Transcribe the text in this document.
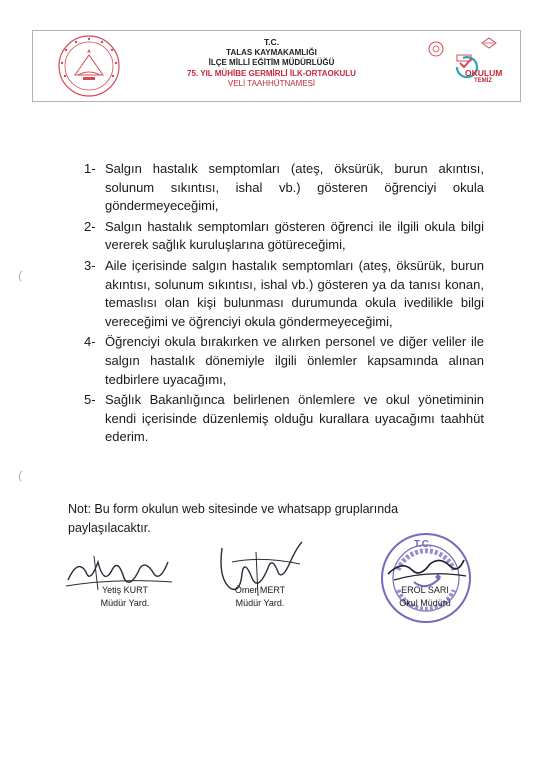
T.C.
TALAS KAYMAKAMLIĞI
İLÇE MİLLİ EĞİTİM MÜDÜRLÜĞÜ
75. YIL MÜHİBE GERMİRLİ İLK-ORTAOKULU
VELİ TAAHHÜTNAMESİ
OKULUM
TEMİZ
1- Salgın hastalık semptomları (ateş, öksürük, burun akıntısı, solunum sıkıntısı, ishal vb.) gösteren öğrenciyi okula göndermeyeceğimi,
2- Salgın hastalık semptomları gösteren öğrenci ile ilgili okula bilgi vererek sağlık kuruluşlarına götüreceğimi,
3- Aile içerisinde salgın hastalık semptomları (ateş, öksürük, burun akıntısı, solunum sıkıntısı, ishal vb.) gösteren ya da tanısı konan, temaslısı olan kişi bulunması durumunda okula ivedilikle bilgi vereceğimi ve öğrenciyi okula göndermeyeceğimi,
4- Öğrenciyi okula bırakırken ve alırken personel ve diğer veliler ile salgın hastalık dönemiyle ilgili önlemler kapsamında alınan tedbirlere uyacağımı,
5- Sağlık Bakanlığınca belirlenen önlemlere ve okul yönetiminin kendi içerisinde düzenlemiş olduğu kurallara uyacağımı taahhüt ederim.
Not: Bu form okulun web sitesinde ve whatsapp gruplarında
paylaşılacaktır.
Yetiş KURT
Müdür Yard.
Ömer MERT
Müdür Yard.
T.C.
EROL SARI
Okul Müdürü
